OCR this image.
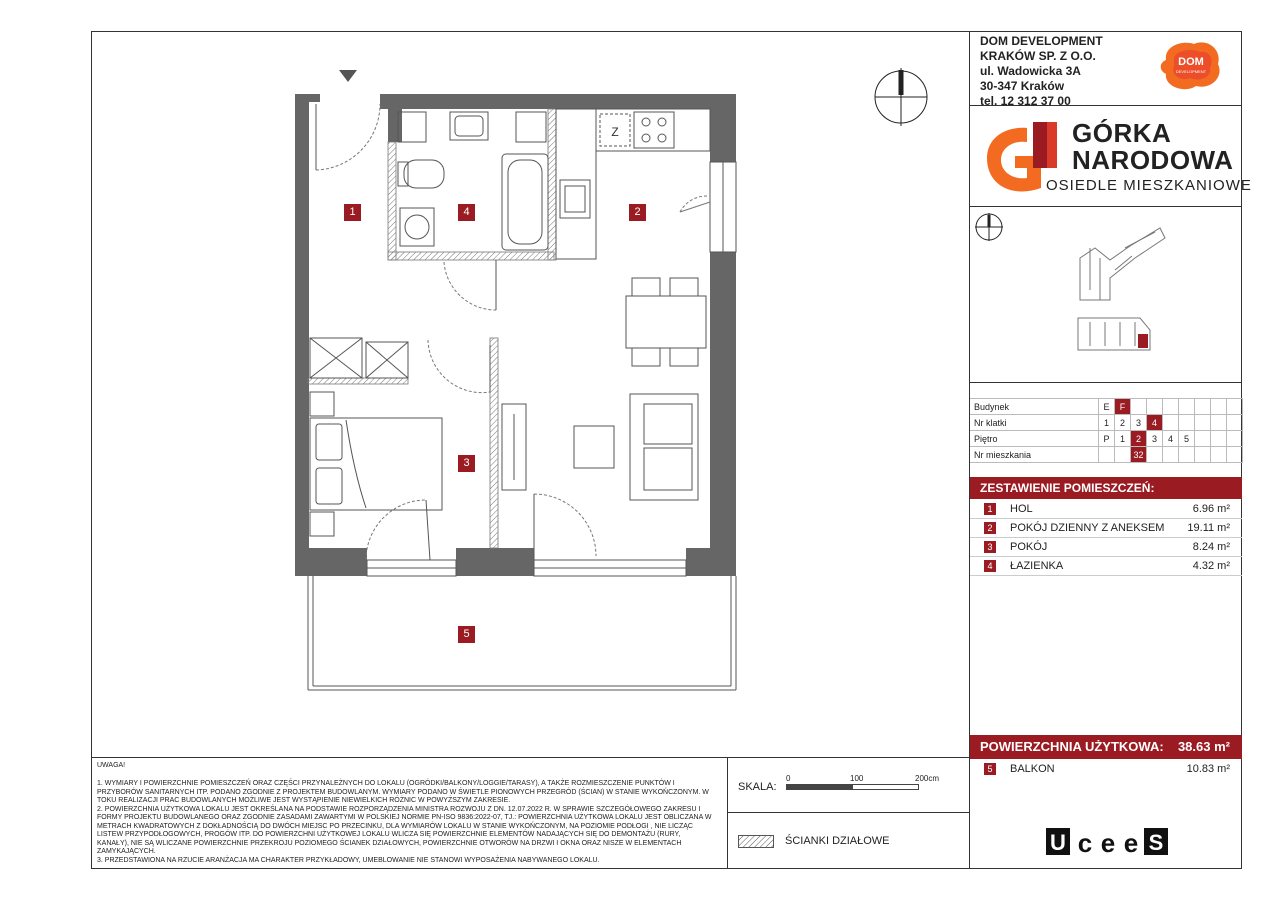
DOM DEVELOPMENT
KRAKÓW SP. Z O.O.
ul. Wadowicka 3A
30-347 Kraków
tel. 12 312 37 00
DOM
DEVELOPMENT
GÓRKA
NARODOWA
OSIEDLE MIESZKANIOWE
Budynek	E	F							
Nr klatki	1	2	3	4					
Piętro	P	1	2	3	4	5			
Nr mieszkania			32						
ZESTAWIENIE POMIESZCZEŃ:
1	HOL	6.96 m²
2	POKÓJ DZIENNY Z ANEKSEM 19.11 m²
3	POKÓJ	8.24 m²
4	ŁAZIENKA	4.32 m²
POWIERZCHNIA UŻYTKOWA: 38.63 m²
5	BALKON	10.83 m²
UWAGA!

1. WYMIARY I POWIERZCHNIE POMIESZCZEŃ ORAZ CZĘŚCI PRZYNALEŻNYCH DO LOKALU (OGRÓDKI/BALKONY/LOGGIE/TARASY), A TAKŻE ROZMIESZCZENIE PUNKTÓW I PRZYBORÓW SANITARNYCH ITP. PODANO ZGODNIE Z PROJEKTEM BUDOWLANYM. WYMIARY PODANO W ŚWIETLE PIONOWYCH PRZEGRÓD (ŚCIAN) W STANIE WYKOŃCZONYM. W TOKU REALIZACJI PRAC BUDOWLANYCH MOŻLIWE JEST WYSTĄPIENIE NIEWIELKICH RÓŻNIC W POWYŻSZYM ZAKRESIE.

2. POWIERZCHNIA UŻYTKOWA LOKALU JEST OKREŚLANA NA PODSTAWIE ROZPORZĄDZENIA MINISTRA ROZWOJU Z DN. 12.07.2022 R. W SPRAWIE SZCZEGÓŁOWEGO ZAKRESU I FORMY PROJEKTU BUDOWLANEGO ORAZ ZGODNIE ZASADAMI ZAWARTYMI W POLSKIEJ NORMIE PN-ISO 9836:2022-07, TJ.: POWIERZCHNIA UŻYTKOWA LOKALU JEST OBLICZANA W METRACH KWADRATOWYCH Z DOKŁADNOŚCIĄ DO DWÓCH MIEJSC PO PRZECINKU, DLA WYMIARÓW LOKALU W STANIE WYKOŃCZONYM, NA POZIOMIE PODŁOGI , NIE LICZĄC LISTEW PRZYPODŁOGOWYCH, PROGÓW ITP. DO POWIERZCHNI UŻYTKOWEJ LOKALU WLICZA SIĘ POWIERZCHNIE ELEMENTÓW NADAJĄCYCH SIĘ DO DEMONTAŻU (RURY, KANAŁY), NIE SĄ WLICZANE POWIERZCHNIE PRZEKROJU POZIOMEGO ŚCIANEK DZIAŁOWYCH, POWIERZCHNIE OTWORÓW NA DRZWI I OKNA ORAZ NISZE W ELEMENTACH ZAMYKAJĄCYCH.

3. PRZEDSTAWIONA NA RZUCIE ARANŻACJA MA CHARAKTER PRZYKŁADOWY, UMEBLOWANIE NIE STANOWI WYPOSAŻENIA NABYWANEGO LOKALU.

SKALA:
0	100	200cm
ŚCIANKI DZIAŁOWE	U c e e S
Z
1	4	2
3
5
